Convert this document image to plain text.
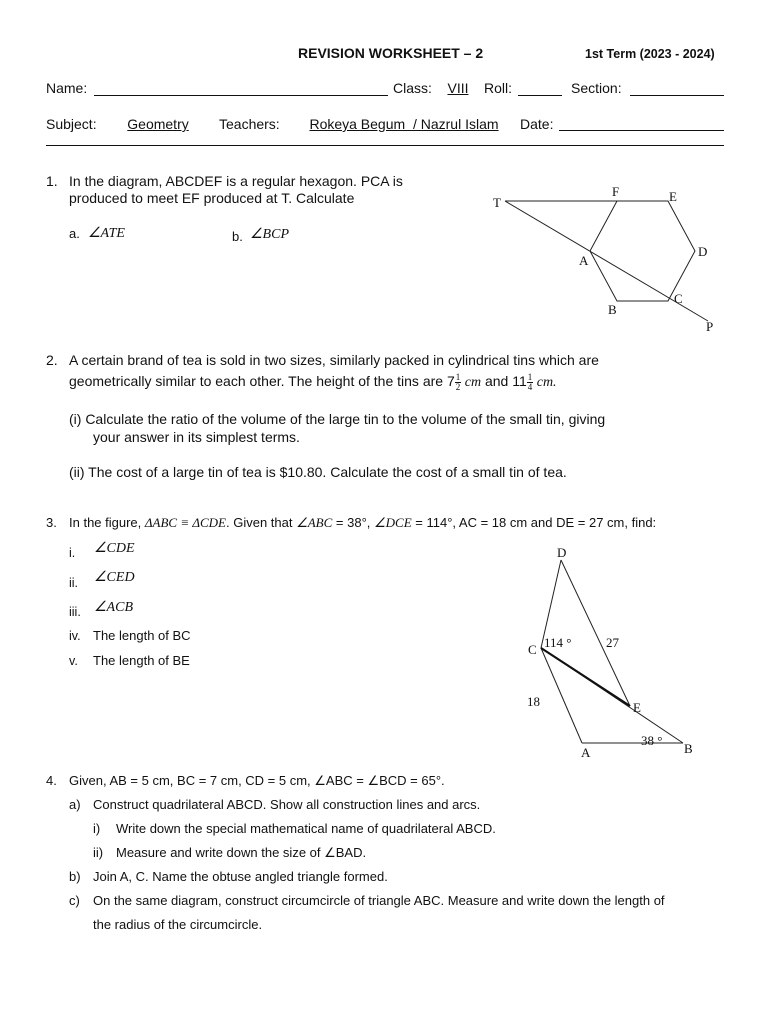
REVISION WORKSHEET – 2	1st Term (2023 - 2024)
Name:	Class:	VIII	Roll:	Section:
Subject:	Geometry	Teachers:	Rokeya Begum  / Nazrul Islam	Date:
1. In the diagram, ABCDEF is a regular hexagon. PCA is
produced to meet EF produced at T. Calculate
a. ∠ATE	b. ∠BCP
T
F	E
D
A
C
B
P
2. A certain brand of tea is sold in two sizes, similarly packed in cylindrical tins which are
geometrically similar to each other. The height of the tins are $7 \frac{1}{2}$ cm and $11 \frac{1}{4}$ cm.
(i) Calculate the ratio of the volume of the large tin to the volume of the small tin, giving
your answer in its simplest terms.
(ii) The cost of a large tin of tea is $10.80. Calculate the cost of a small tin of tea.
3. In the figure, ΔABC ≡ ΔCDE. Given that ∠ABC = 38°, ∠DCE = 114°, AC = 18 cm and DE = 27 cm, find:
i. ∠CDE
ii. ∠CED
iii. ∠ACB
iv. The length of BC
v. The length of BE
D
C 114 °	27
18	E
38 °
A	B
4. Given, AB = 5 cm, BC = 7 cm, CD = 5 cm, ∠ABC = ∠BCD = 65°.
a) Construct quadrilateral ABCD. Show all construction lines and arcs.
i) Write down the special mathematical name of quadrilateral ABCD.
ii) Measure and write down the size of ∠BAD.
b) Join A, C. Name the obtuse angled triangle formed.
c) On the same diagram, construct circumcircle of triangle ABC. Measure and write down the length of
the radius of the circumcircle.
